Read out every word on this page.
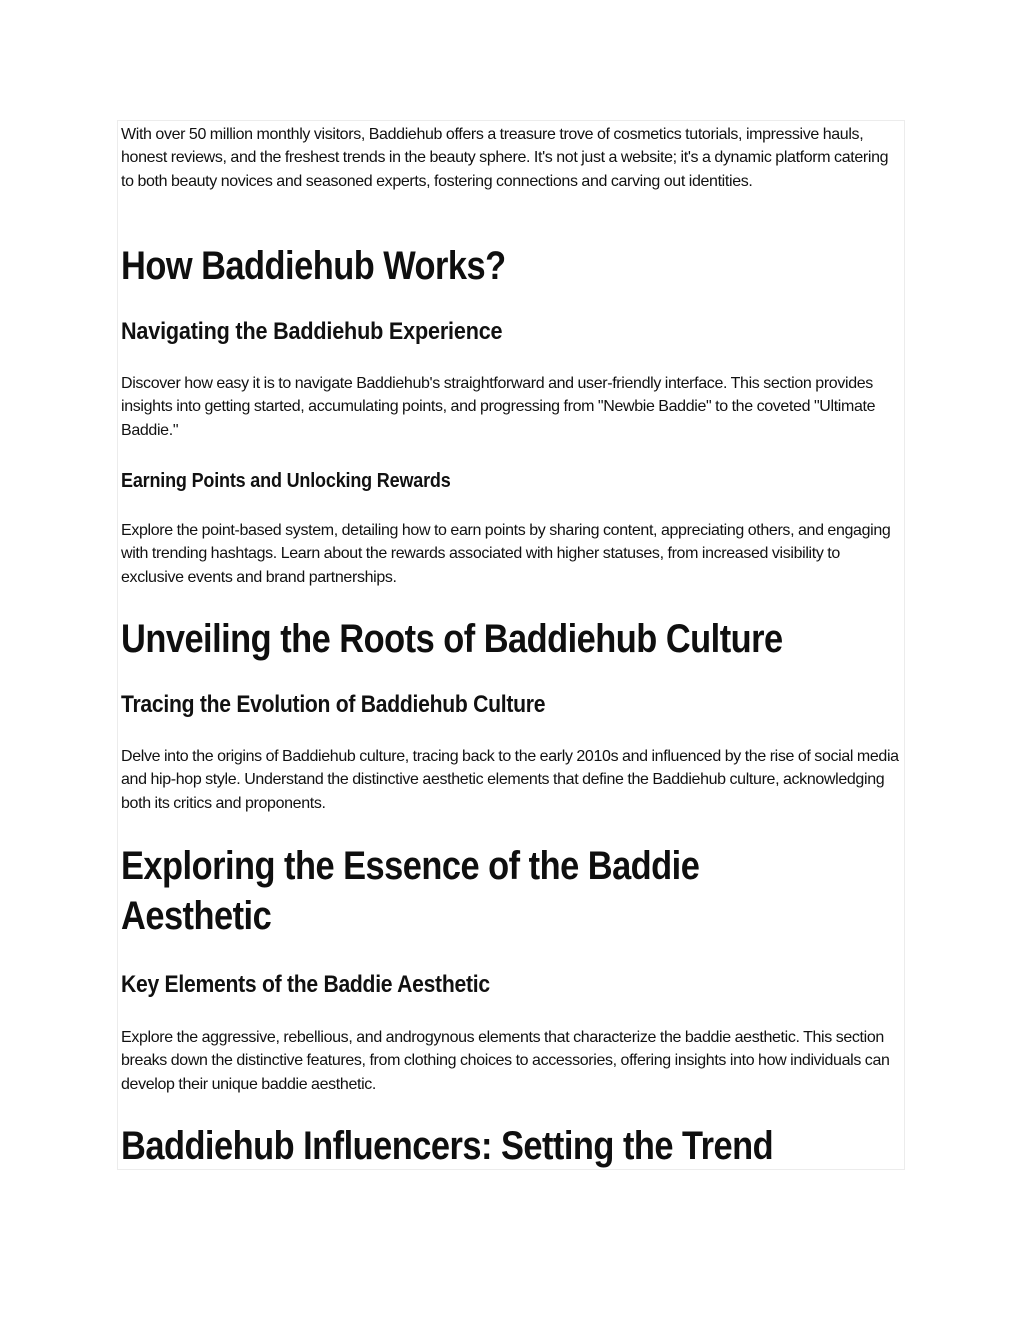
With over 50 million monthly visitors, Baddiehub offers a treasure trove of cosmetics tutorials, impressive hauls, honest reviews, and the freshest trends in the beauty sphere. It's not just a website; it's a dynamic platform catering to both beauty novices and seasoned experts, fostering connections and carving out identities.

How Baddiehub Works?
Navigating the Baddiehub Experience

Discover how easy it is to navigate Baddiehub's straightforward and user-friendly interface. This section provides insights into getting started, accumulating points, and progressing from "Newbie Baddie" to the coveted "Ultimate Baddie."

Earning Points and Unlocking Rewards

Explore the point-based system, detailing how to earn points by sharing content, appreciating others, and engaging with trending hashtags. Learn about the rewards associated with higher statuses, from increased visibility to exclusive events and brand partnerships.

Unveiling the Roots of Baddiehub Culture
Tracing the Evolution of Baddiehub Culture

Delve into the origins of Baddiehub culture, tracing back to the early 2010s and influenced by the rise of social media and hip-hop style. Understand the distinctive aesthetic elements that define the Baddiehub culture, acknowledging both its critics and proponents.

Exploring the Essence of the Baddie Aesthetic
Key Elements of the Baddie Aesthetic

Explore the aggressive, rebellious, and androgynous elements that characterize the baddie aesthetic. This section breaks down the distinctive features, from clothing choices to accessories, offering insights into how individuals can develop their unique baddie aesthetic.

Baddiehub Influencers: Setting the Trend
